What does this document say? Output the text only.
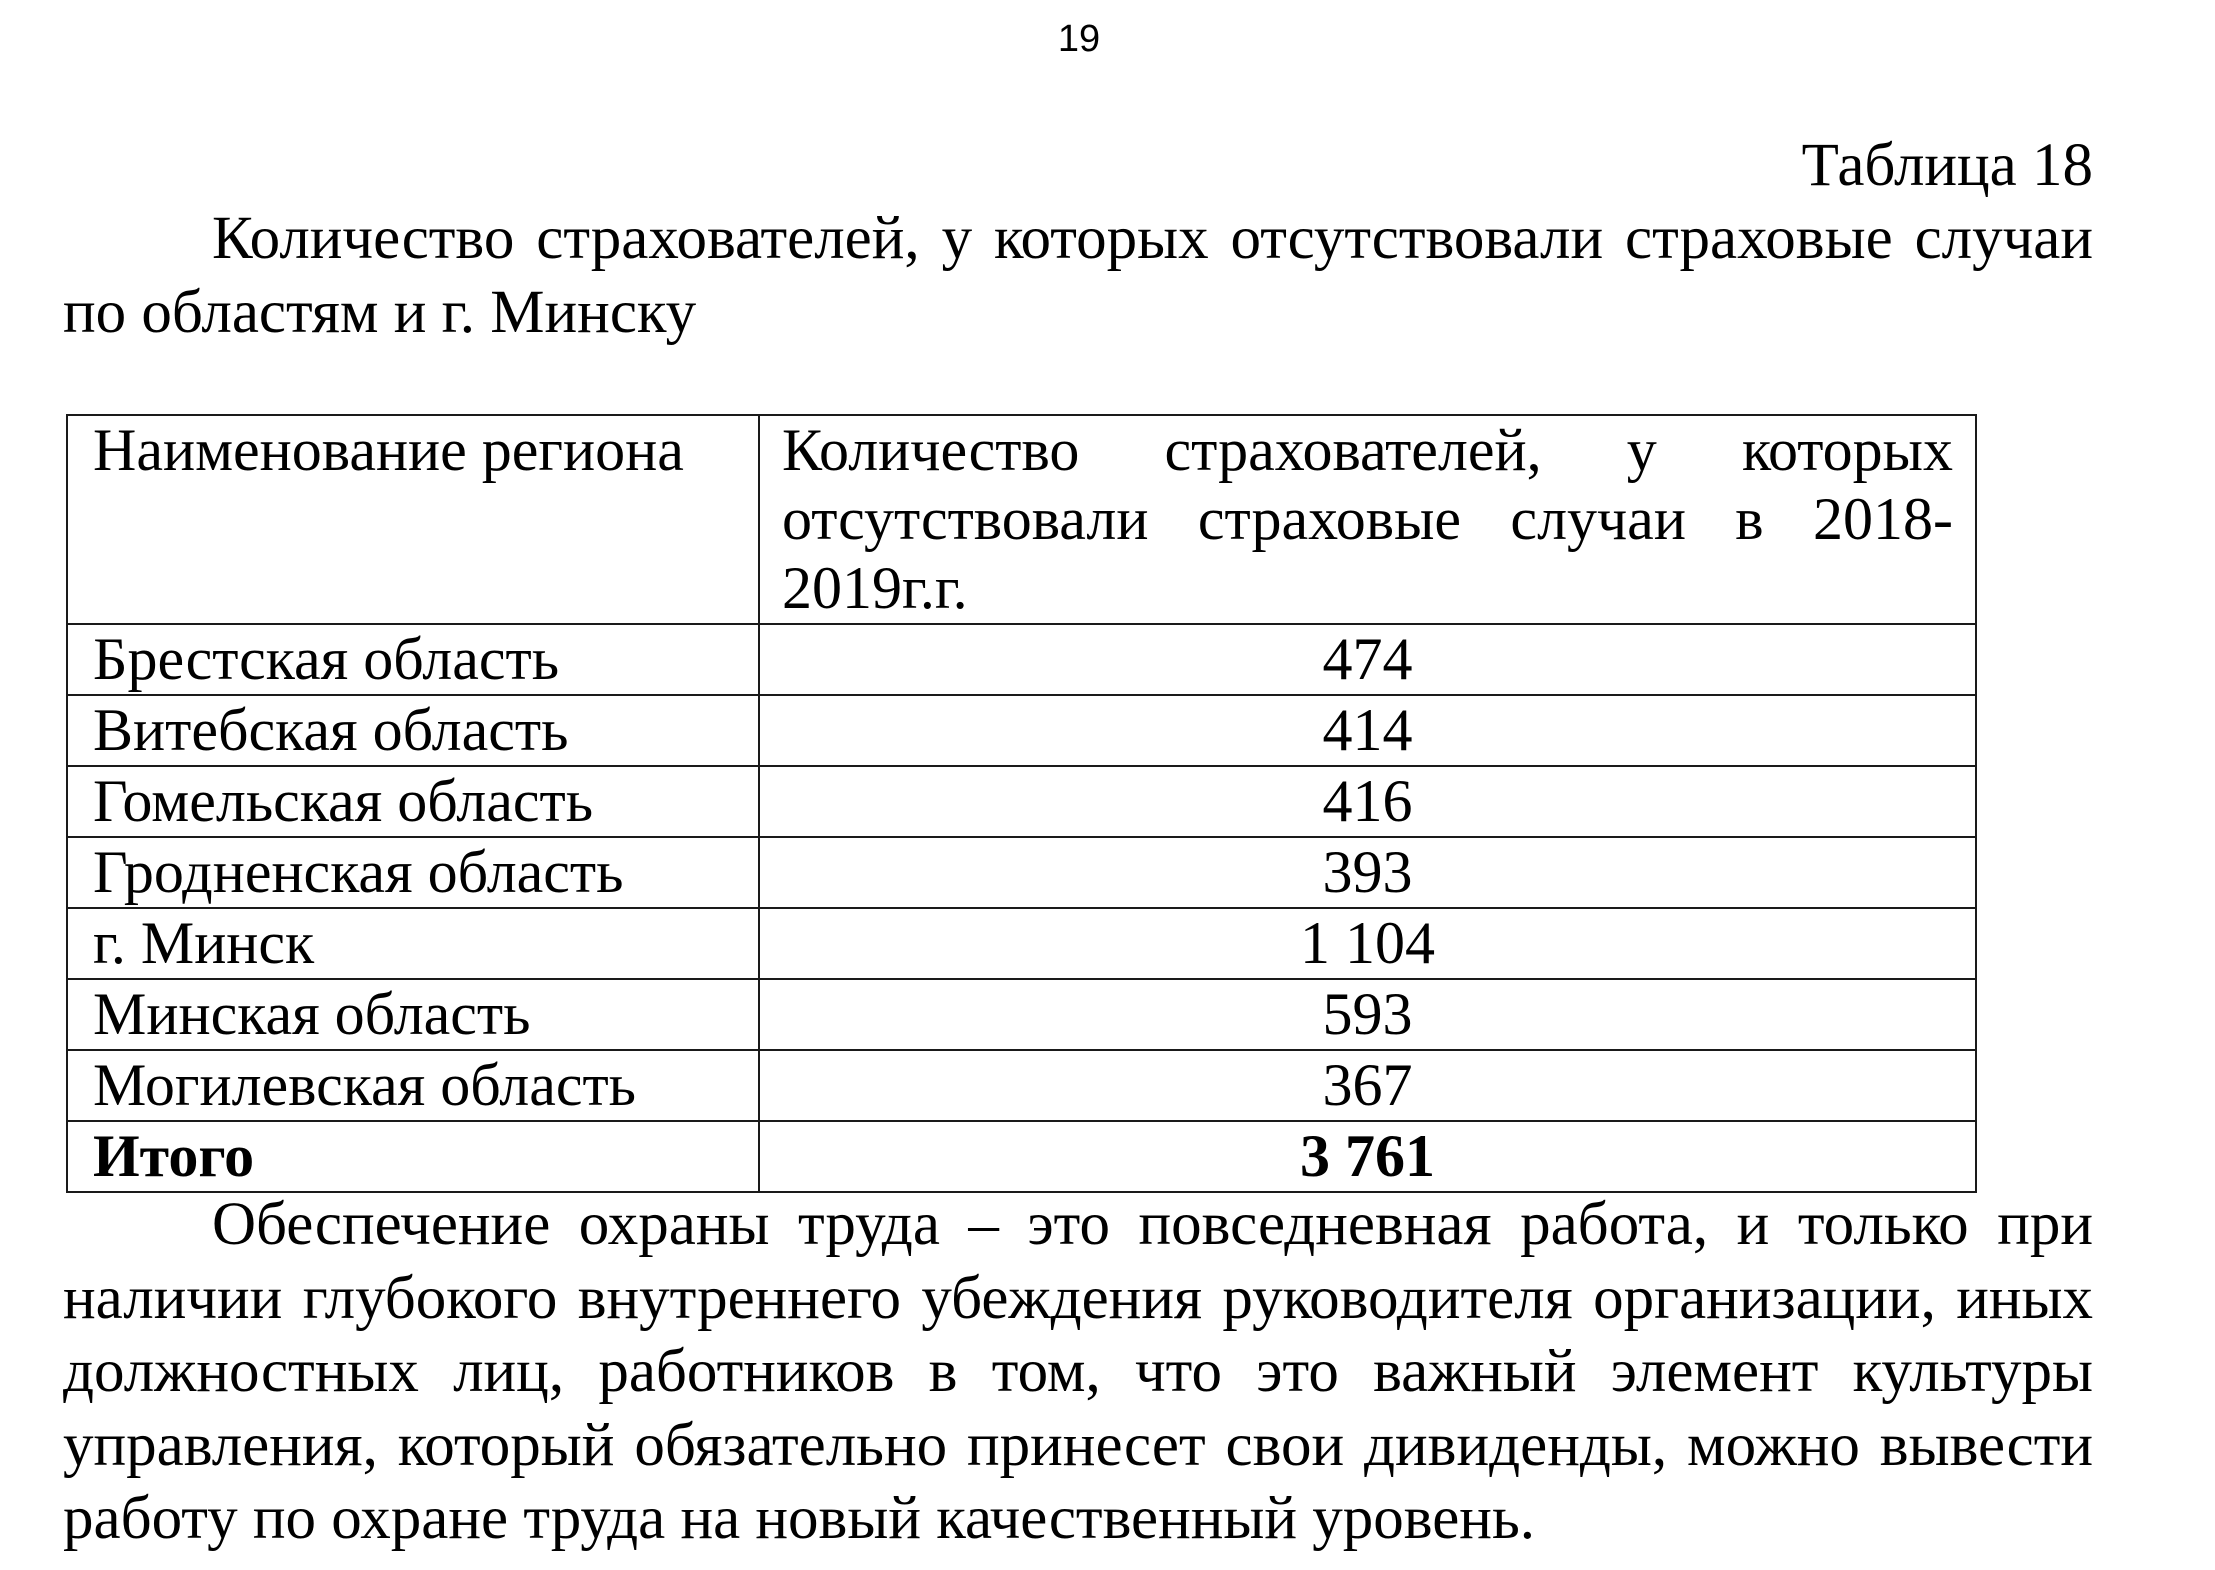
19
Таблица 18
Количество страхователей, у которых отсутствовали страховые случаи по областям и г. Минску
Наименование региона	Количество страхователей, у которых отсутствовали страховые случаи в 2018-2019г.г.
Брестская область	474
Витебская область	414
Гомельская область	416
Гродненская область	393
г. Минск	1 104
Минская область	593
Могилевская область	367
Итого	3 761
Обеспечение охраны труда – это повседневная работа, и только при наличии глубокого внутреннего убеждения руководителя организации, иных должностных лиц, работников в том, что это важный элемент культуры управления, который обязательно принесет свои дивиденды, можно вывести работу по охране труда на новый качественный уровень.
